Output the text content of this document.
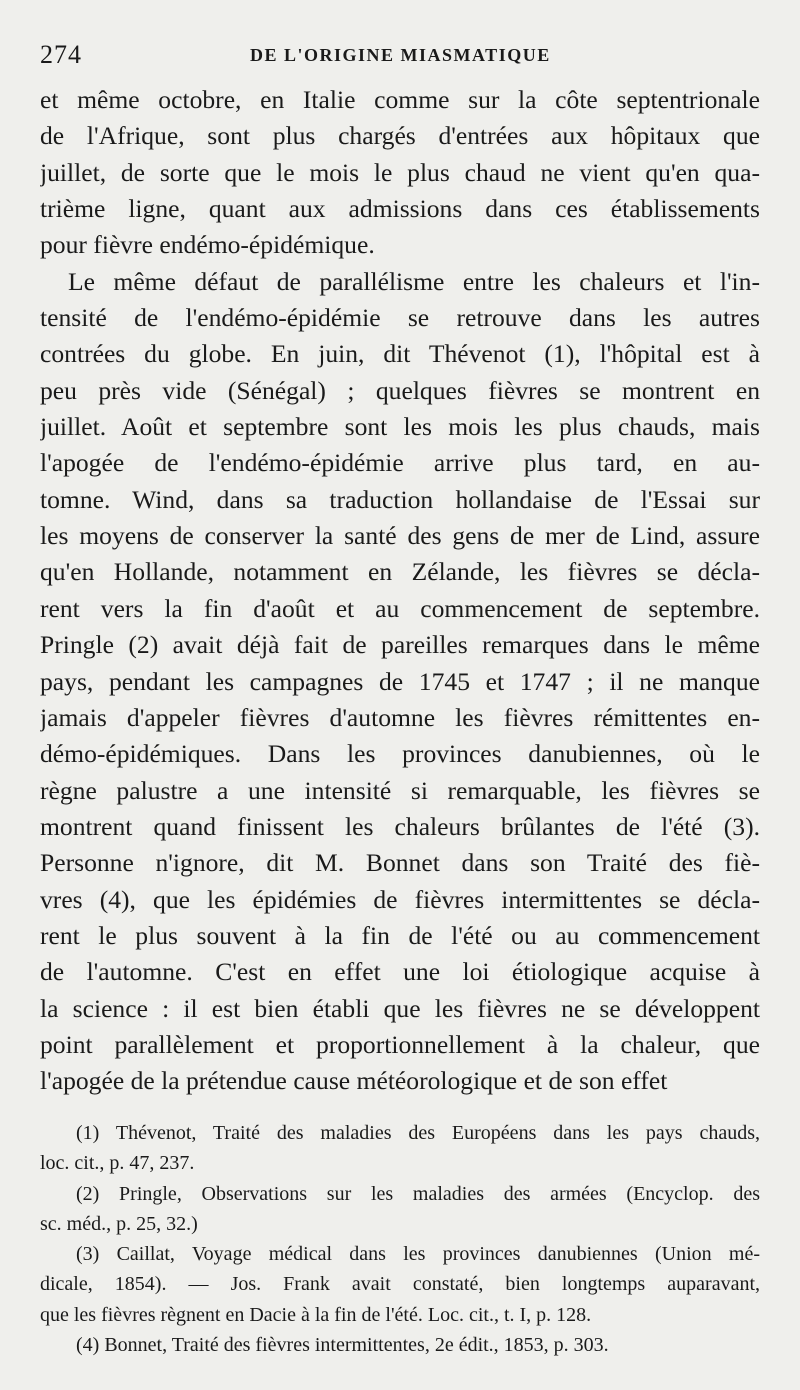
274	DE L'ORIGINE MIASMATIQUE
et même octobre, en Italie comme sur la côte septentrionale
de l'Afrique, sont plus chargés d'entrées aux hôpitaux que
juillet, de sorte que le mois le plus chaud ne vient qu'en qua-
trième ligne, quant aux admissions dans ces établissements
pour fièvre endémo-épidémique.
Le même défaut de parallélisme entre les chaleurs et l'in-
tensité de l'endémo-épidémie se retrouve dans les autres
contrées du globe. En juin, dit Thévenot (1), l'hôpital est à
peu près vide (Sénégal) ; quelques fièvres se montrent en
juillet. Août et septembre sont les mois les plus chauds, mais
l'apogée de l'endémo-épidémie arrive plus tard, en au-
tomne. Wind, dans sa traduction hollandaise de l'Essai sur
les moyens de conserver la santé des gens de mer de Lind, assure
qu'en Hollande, notamment en Zélande, les fièvres se décla-
rent vers la fin d'août et au commencement de septembre.
Pringle (2) avait déjà fait de pareilles remarques dans le même
pays, pendant les campagnes de 1745 et 1747 ; il ne manque
jamais d'appeler fièvres d'automne les fièvres rémittentes en-
démo-épidémiques. Dans les provinces danubiennes, où le
règne palustre a une intensité si remarquable, les fièvres se
montrent quand finissent les chaleurs brûlantes de l'été (3).
Personne n'ignore, dit M. Bonnet dans son Traité des fiè-
vres (4), que les épidémies de fièvres intermittentes se décla-
rent le plus souvent à la fin de l'été ou au commencement
de l'automne. C'est en effet une loi étiologique acquise à
la science : il est bien établi que les fièvres ne se développent
point parallèlement et proportionnellement à la chaleur, que
l'apogée de la prétendue cause météorologique et de son effet
(1) Thévenot, Traité des maladies des Européens dans les pays chauds,
loc. cit., p. 47, 237.
(2) Pringle, Observations sur les maladies des armées (Encyclop. des
sc. méd., p. 25, 32.)
(3) Caillat, Voyage médical dans les provinces danubiennes (Union mé-
dicale, 1854). — Jos. Frank avait constaté, bien longtemps auparavant,
que les fièvres règnent en Dacie à la fin de l'été. Loc. cit., t. I, p. 128.
(4) Bonnet, Traité des fièvres intermittentes, 2e édit., 1853, p. 303.
